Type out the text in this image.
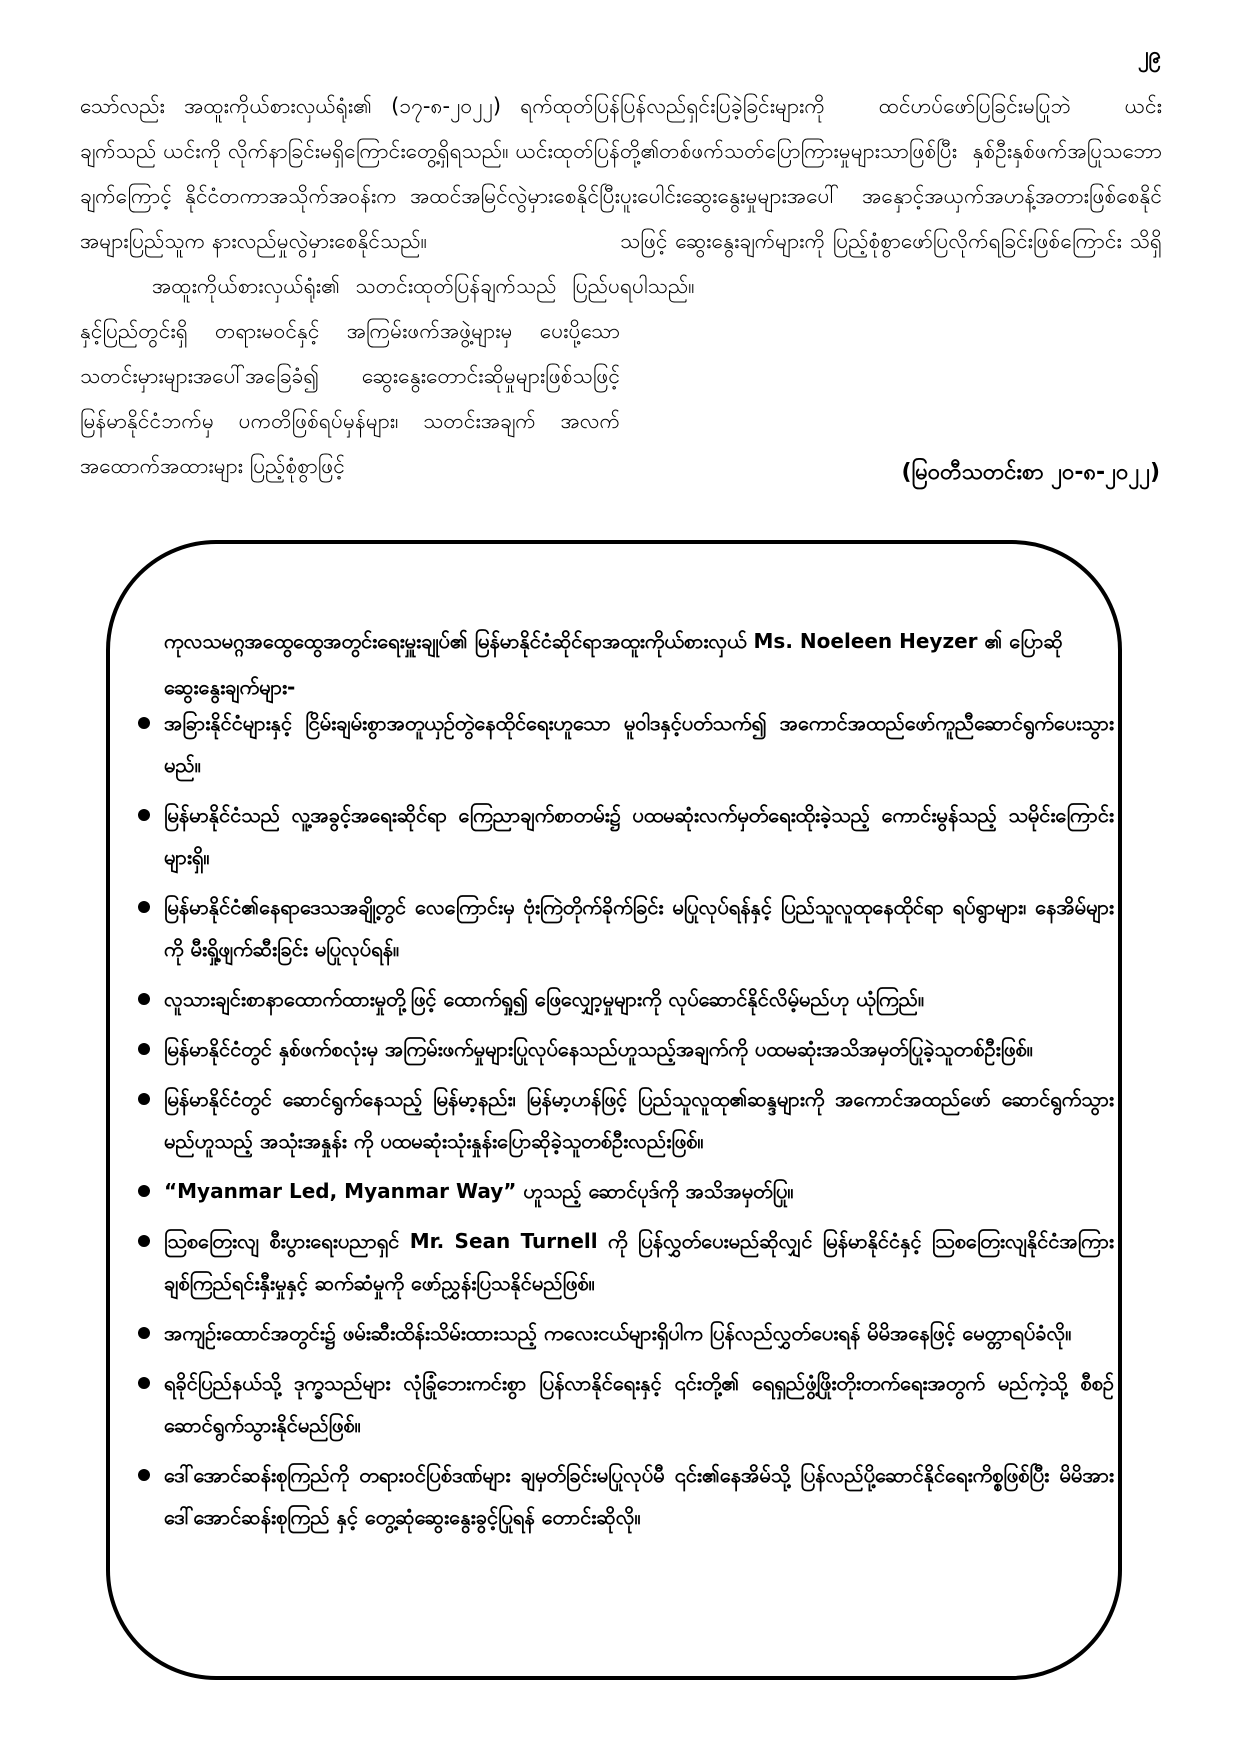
၂၉

သော်လည်း အထူးကိုယ်စားလှယ်ရုံး၏ (၁၇-၈-၂၀၂၂) ရက်ထုတ်ပြန်ချက်သည် ယင်းကို လိုက်နာခြင်းမရှိကြောင်းတွေ့ရှိရသည်။ ယင်းထုတ်ပြန်ချက်ကြောင့် နိုင်ငံတကာအသိုက်အဝန်းက အထင်အမြင်လွဲမှားစေနိုင်ပြီး အများပြည်သူက နားလည်မှုလွဲမှားစေနိုင်သည်။

အထူးကိုယ်စားလှယ်ရုံး၏ သတင်းထုတ်ပြန်ချက်သည် ပြည်ပနှင့်ပြည်တွင်းရှိ တရားမဝင်နှင့် အကြမ်းဖက်အဖွဲ့များမှ ပေးပို့သော သတင်းမှားများအပေါ်အခြေခံ၍ ဆွေးနွေးတောင်းဆိုမှုများဖြစ်သဖြင့် မြန်မာနိုင်ငံဘက်မှ ပကတိဖြစ်ရပ်မှန်များ၊ သတင်းအချက် အလက်အထောက်အထားများ ပြည့်စုံစွာဖြင့်

ပြန်လည်ရှင်းပြခဲ့ခြင်းများကို ထင်ဟပ်ဖော်ပြခြင်းမပြုဘဲ ယင်းတို့၏တစ်ဖက်သတ်ပြောကြားမှုများသာဖြစ်ပြီး နှစ်ဦးနှစ်ဖက်အပြုသဘော ပူးပေါင်းဆွေးနွေးမှုများအပေါ် အနှောင့်အယှက်အဟန့်အတားဖြစ်စေနိုင်သဖြင့် ဆွေးနွေးချက်များကို ပြည့်စုံစွာဖော်ပြလိုက်ရခြင်းဖြစ်ကြောင်း သိရှိရပါသည်။

(မြဝတီသတင်းစာ ၂၀-၈-၂၀၂၂)
ကုလသမဂ္ဂအထွေထွေအတွင်းရေးမှူးချုပ်၏ မြန်မာနိုင်ငံဆိုင်ရာအထူးကိုယ်စားလှယ် Ms. Noeleen Heyzer ၏ ပြောဆိုဆွေးနွေးချက်များ-
အခြားနိုင်ငံများနှင့် ငြိမ်းချမ်းစွာအတူယှဉ်တွဲနေထိုင်ရေးဟူသော မူဝါဒနှင့်ပတ်သက်၍ အကောင်အထည်ဖော်ကူညီဆောင်ရွက်ပေးသွားမည်။
မြန်မာနိုင်ငံသည် လူ့အခွင့်အရေးဆိုင်ရာ ကြေညာချက်စာတမ်း၌ ပထမဆုံးလက်မှတ်ရေးထိုးခဲ့သည့် ကောင်းမွန်သည့် သမိုင်းကြောင်းများရှိ။
မြန်မာနိုင်ငံ၏နေရာဒေသအချို့တွင် လေကြောင်းမှ ဗုံးကြဲတိုက်ခိုက်ခြင်း မပြုလုပ်ရန်နှင့် ပြည်သူလူထုနေထိုင်ရာ ရပ်ရွာများ၊ နေအိမ်များကို မီးရှို့ဖျက်ဆီးခြင်း မပြုလုပ်ရန်။
လူသားချင်းစာနာထောက်ထားမှုတို့ဖြင့် ထောက်ရှု၍ ဖြေလျှော့မှုများကို လုပ်ဆောင်နိုင်လိမ့်မည်ဟု ယုံကြည်။
မြန်မာနိုင်ငံတွင် နှစ်ဖက်စလုံးမှ အကြမ်းဖက်မှုများပြုလုပ်နေသည်ဟူသည့်အချက်ကို ပထမဆုံးအသိအမှတ်ပြုခဲ့သူတစ်ဦးဖြစ်။
မြန်မာနိုင်ငံတွင် ဆောင်ရွက်နေသည့် မြန်မာ့နည်း၊ မြန်မာ့ဟန်ဖြင့် ပြည်သူလူထု၏ဆန္ဒများကို အကောင်အထည်ဖော် ဆောင်ရွက်သွားမည်ဟူသည့် အသုံးအနှုန်း ကို ပထမဆုံးသုံးနှုန်းပြောဆိုခဲ့သူတစ်ဦးလည်းဖြစ်။
“Myanmar Led, Myanmar Way” ဟူသည့် ဆောင်ပုဒ်ကို အသိအမှတ်ပြု။
ဩစတြေးလျ စီးပွားရေးပညာရှင် Mr. Sean Turnell ကို ပြန်လွှတ်ပေးမည်ဆိုလျှင် မြန်မာနိုင်ငံနှင့် ဩစတြေးလျနိုင်ငံအကြား ချစ်ကြည်ရင်းနှီးမှုနှင့် ဆက်ဆံမှုကို ဖော်ညွှန်းပြသနိုင်မည်ဖြစ်။
အကျဉ်းထောင်အတွင်း၌ ဖမ်းဆီးထိန်းသိမ်းထားသည့် ကလေးငယ်များရှိပါက ပြန်လည်လွှတ်ပေးရန် မိမိအနေဖြင့် မေတ္တာရပ်ခံလို။
ရခိုင်ပြည်နယ်သို့ ဒုက္ခသည်များ လုံခြုံဘေးကင်းစွာ ပြန်လာနိုင်ရေးနှင့် ၎င်းတို့၏ ရေရှည်ဖွံ့ဖြိုးတိုးတက်ရေးအတွက် မည်ကဲ့သို့ စီစဉ်ဆောင်ရွက်သွားနိုင်မည်ဖြစ်။
ဒေါ်အောင်ဆန်းစုကြည်ကို တရားဝင်ပြစ်ဒဏ်များ ချမှတ်ခြင်းမပြုလုပ်မီ ၎င်း၏နေအိမ်သို့ ပြန်လည်ပို့ဆောင်နိုင်ရေးကိစ္စဖြစ်ပြီး မိမိအား ဒေါ်အောင်ဆန်းစုကြည် နှင့် တွေ့ဆုံဆွေးနွေးခွင့်ပြုရန် တောင်းဆိုလို။
